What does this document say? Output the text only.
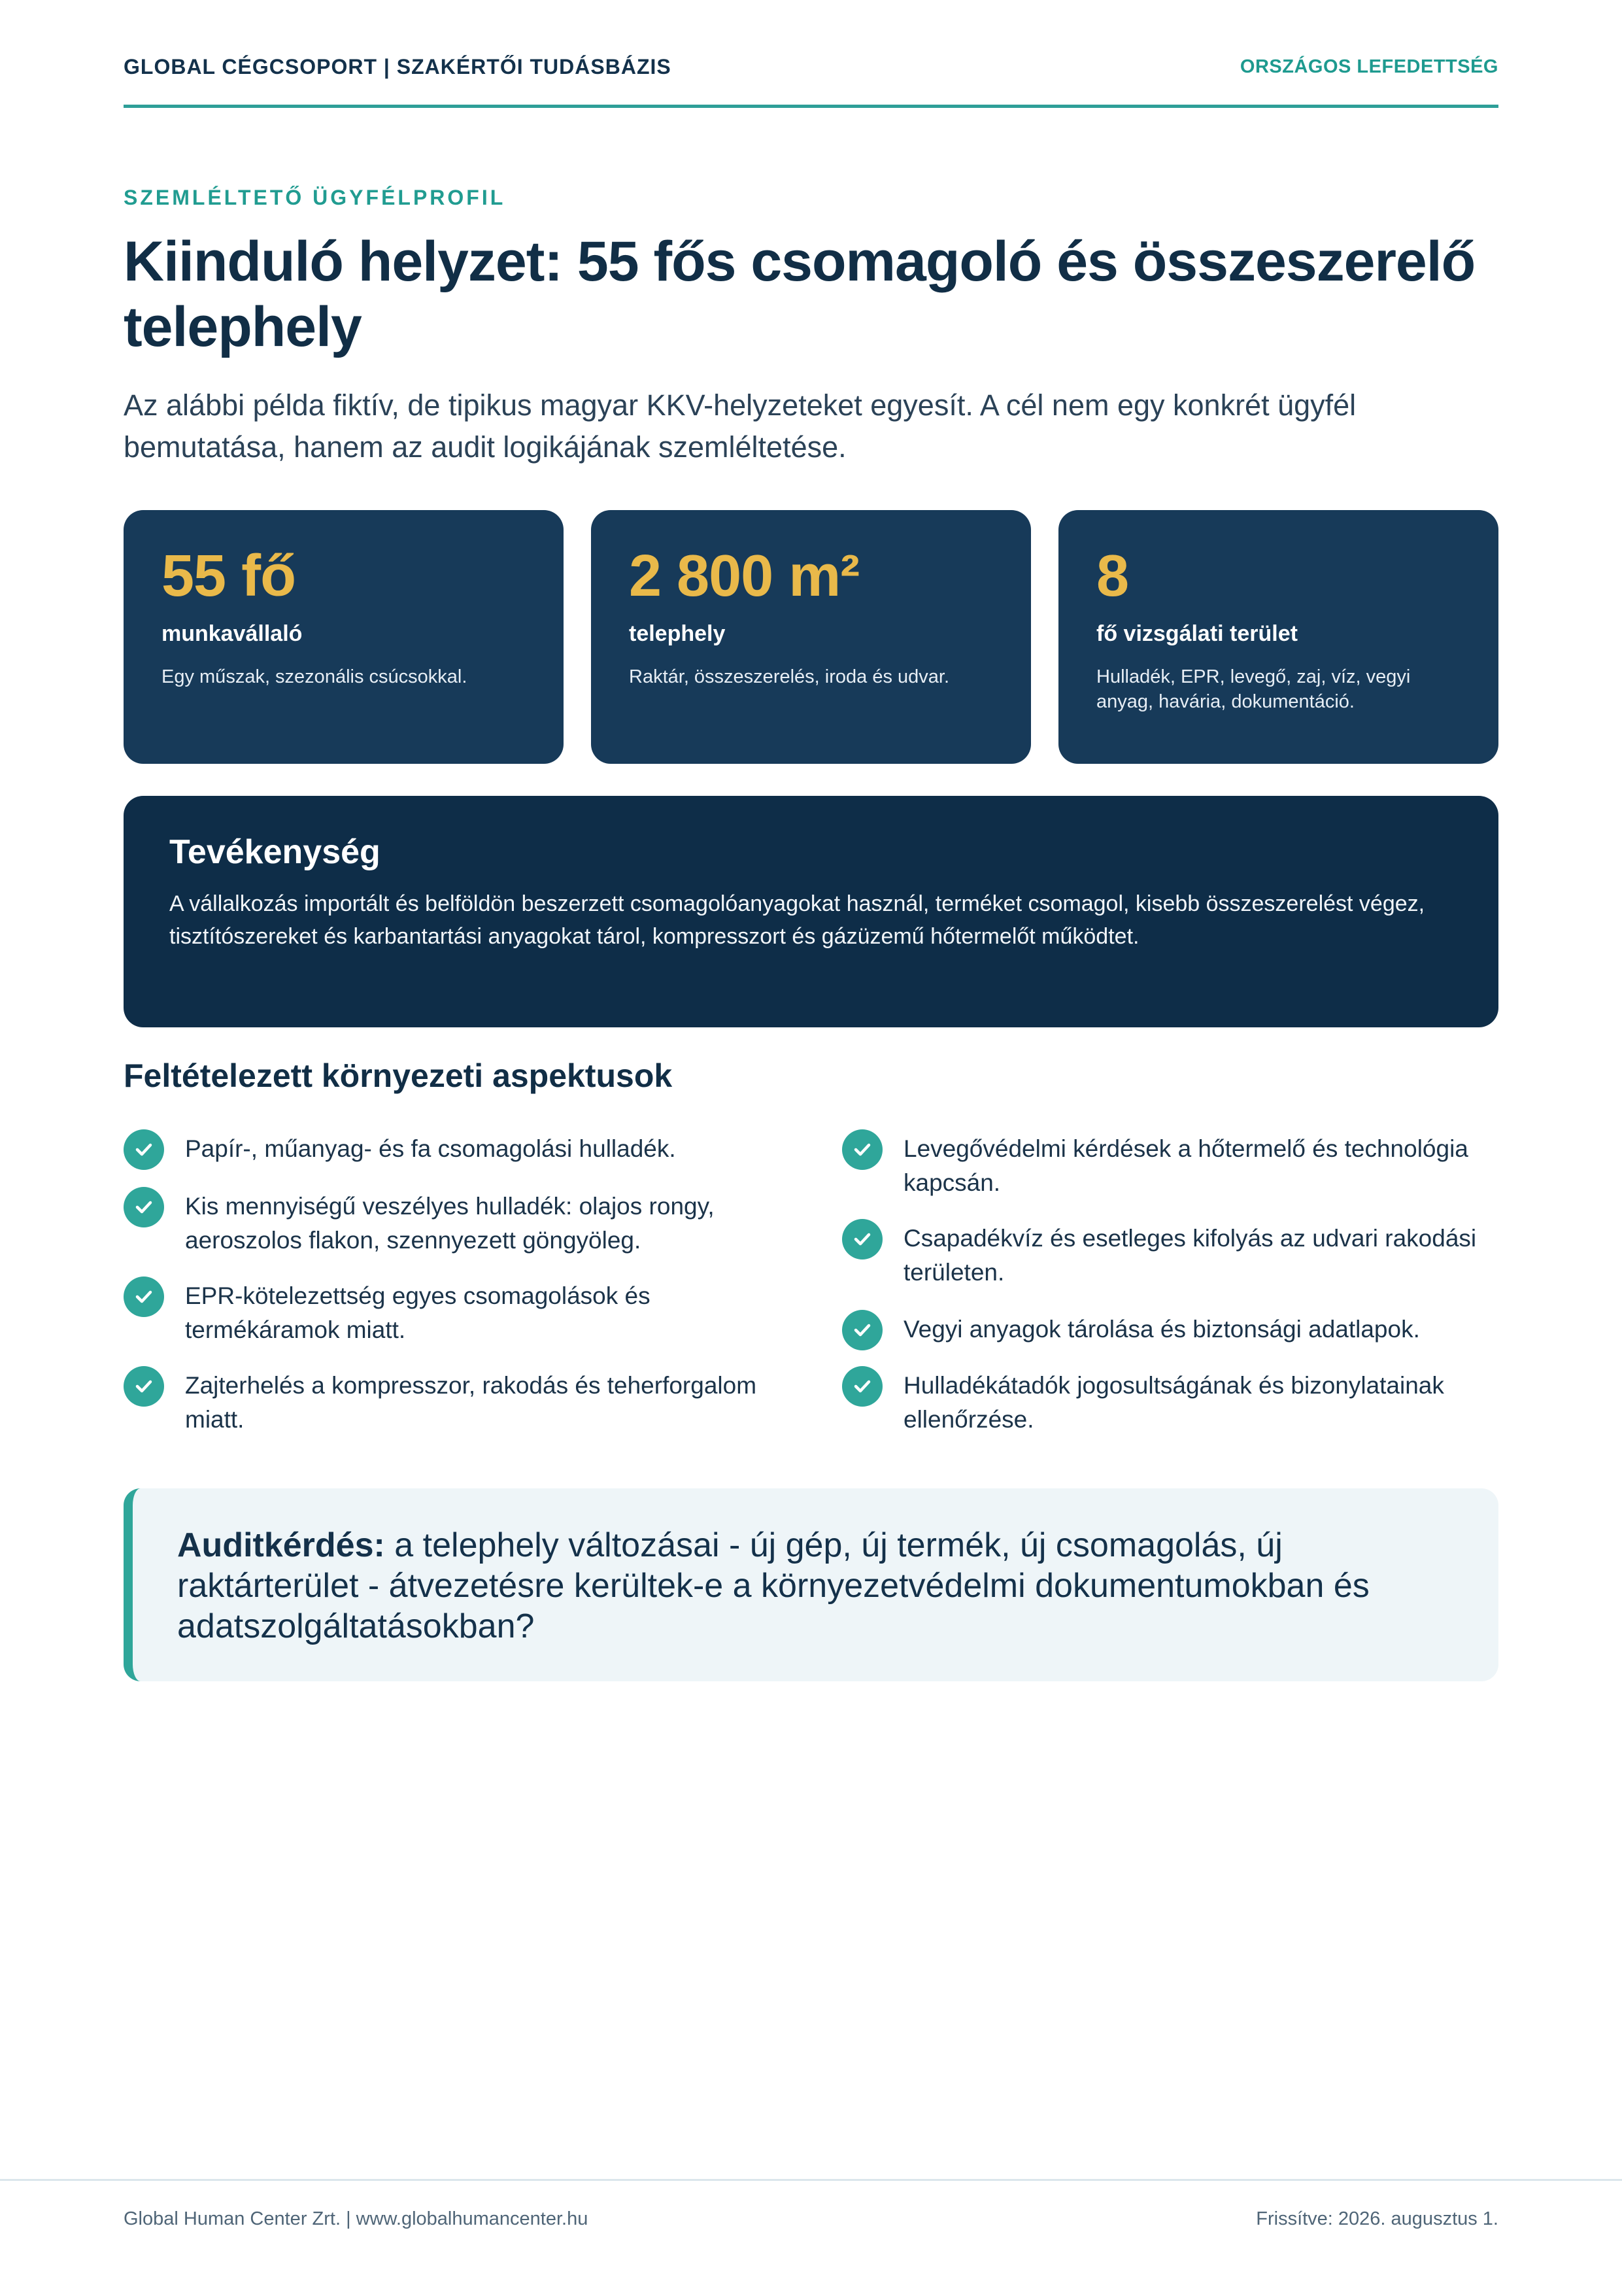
GLOBAL CÉGCSOPORT | SZAKÉRTŐI TUDÁSBÁZIS	ORSZÁGOS LEFEDETTSÉG
SZEMLÉLTETŐ ÜGYFÉLPROFIL
Kiinduló helyzet: 55 fős csomagoló és összeszerelő telephely

Az alábbi példa fiktív, de tipikus magyar KKV-helyzeteket egyesít. A cél nem egy konkrét ügyfél bemutatása, hanem az audit logikájának szemléltetése.

55 fő
munkavállaló
Egy műszak, szezonális csúcsokkal.
2 800 m²
telephely
Raktár, összeszerelés, iroda és udvar.
8
fő vizsgálati terület
Hulladék, EPR, levegő, zaj, víz, vegyi anyag, havária, dokumentáció.
Tevékenység

A vállalkozás importált és belföldön beszerzett csomagolóanyagokat használ, terméket csomagol, kisebb összeszerelést végez, tisztítószereket és karbantartási anyagokat tárol, kompresszort és gázüzemű hőtermelőt működtet.

Feltételezett környezeti aspektusok
Papír-, műanyag- és fa csomagolási hulladék.
Kis mennyiségű veszélyes hulladék: olajos rongy, aeroszolos flakon, szennyezett göngyöleg.
EPR-kötelezettség egyes csomagolások és termékáramok miatt.
Zajterhelés a kompresszor, rakodás és teherforgalom miatt.
Levegővédelmi kérdések a hőtermelő és technológia kapcsán.
Csapadékvíz és esetleges kifolyás az udvari rakodási területen.
Vegyi anyagok tárolása és biztonsági adatlapok.
Hulladékátadók jogosultságának és bizonylatainak ellenőrzése.
Auditkérdés: a telephely változásai - új gép, új termék, új csomagolás, új raktárterület - átvezetésre kerültek-e a környezetvédelmi dokumentumokban és adatszolgáltatásokban?
Global Human Center Zrt. | www.globalhumancenter.hu	Frissítve: 2026. augusztus 1.
